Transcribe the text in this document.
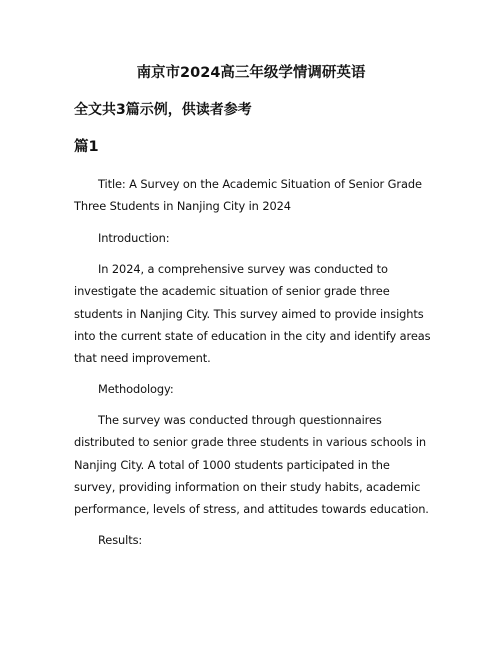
南京市2024高三年级学情调研英语
全文共3篇示例，供读者参考
篇1

Title: A Survey on the Academic Situation of Senior Grade Three Students in Nanjing City in 2024

Introduction:

In 2024, a comprehensive survey was conducted to investigate the academic situation of senior grade three students in Nanjing City. This survey aimed to provide insights into the current state of education in the city and identify areas that need improvement.

Methodology:

The survey was conducted through questionnaires distributed to senior grade three students in various schools in Nanjing City. A total of 1000 students participated in the survey, providing information on their study habits, academic performance, levels of stress, and attitudes towards education.

Results:
